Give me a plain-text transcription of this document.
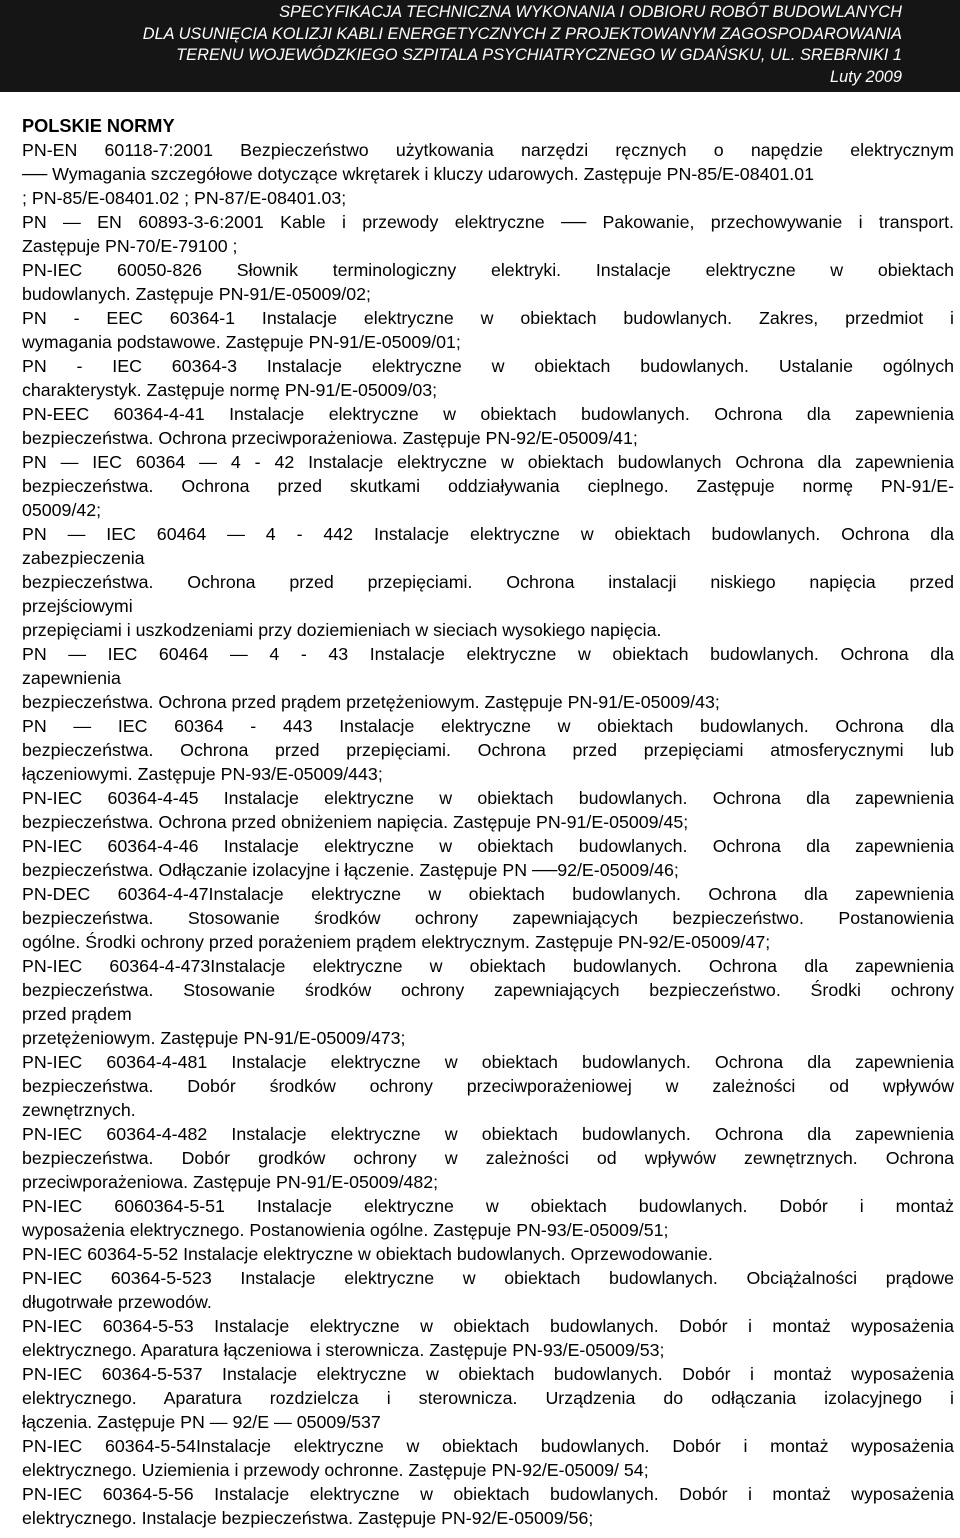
SPECYFIKACJA TECHNICZNA WYKONANIA I ODBIORU ROBÓT BUDOWLANYCH
DLA USUNIĘCIA KOLIZJI KABLI ENERGETYCZNYCH Z PROJEKTOWANYM ZAGOSPODAROWANIA
TERENU WOJEWÓDZKIEGO SZPITALA PSYCHIATRYCZNEGO W GDAŃSKU, UL. SREBRNIKI 1
Luty 2009
POLSKIE NORMY
PN-EN 60118-7:2001 Bezpieczeństwo użytkowania narzędzi ręcznych o napędzie elektrycznym
── Wymagania szczegółowe dotyczące wkrętarek i kluczy udarowych. Zastępuje PN-85/E-08401.01
; PN-85/E-08401.02 ; PN-87/E-08401.03;
PN — EN 60893-3-6:2001 Kable i przewody elektryczne ── Pakowanie, przechowywanie i transport.
Zastępuje PN-70/E-79100 ;
PN-IEC 60050-826 Słownik terminologiczny elektryki. Instalacje elektryczne w obiektach
budowlanych. Zastępuje PN-91/E-05009/02;
PN - EEC 60364-1 Instalacje elektryczne w obiektach budowlanych. Zakres, przedmiot i
wymagania podstawowe. Zastępuje PN-91/E-05009/01;
PN - IEC 60364-3 Instalacje elektryczne w obiektach budowlanych. Ustalanie ogólnych
charakterystyk. Zastępuje normę PN-91/E-05009/03;
PN-EEC 60364-4-41 Instalacje elektryczne w obiektach budowlanych. Ochrona dla zapewnienia
bezpieczeństwa. Ochrona przeciwporażeniowa. Zastępuje PN-92/E-05009/41;
PN — IEC 60364 — 4 - 42 Instalacje elektryczne w obiektach budowlanych Ochrona dla zapewnienia
bezpieczeństwa. Ochrona przed skutkami oddziaływania cieplnego. Zastępuje normę PN-91/E-
05009/42;
PN — IEC 60464 — 4 - 442 Instalacje elektryczne w obiektach budowlanych. Ochrona dla
zabezpieczenia
bezpieczeństwa. Ochrona przed przepięciami. Ochrona instalacji niskiego napięcia przed
przejściowymi
przepięciami i uszkodzeniami przy doziemieniach w sieciach wysokiego napięcia.
PN — IEC 60464 — 4 - 43 Instalacje elektryczne w obiektach budowlanych. Ochrona dla
zapewnienia
bezpieczeństwa. Ochrona przed prądem przetężeniowym. Zastępuje PN-91/E-05009/43;
PN — IEC 60364 - 443 Instalacje elektryczne w obiektach budowlanych. Ochrona dla
bezpieczeństwa. Ochrona przed przepięciami. Ochrona przed przepięciami atmosferycznymi lub
łączeniowymi. Zastępuje PN-93/E-05009/443;
PN-IEC 60364-4-45 Instalacje elektryczne w obiektach budowlanych. Ochrona dla zapewnienia
bezpieczeństwa. Ochrona przed obniżeniem napięcia. Zastępuje PN-91/E-05009/45;
PN-IEC 60364-4-46 Instalacje elektryczne w obiektach budowlanych. Ochrona dla zapewnienia
bezpieczeństwa. Odłączanie izolacyjne i łączenie. Zastępuje PN ──92/E-05009/46;
PN-DEC 60364-4-47Instalacje elektryczne w obiektach budowlanych. Ochrona dla zapewnienia
bezpieczeństwa. Stosowanie środków ochrony zapewniających bezpieczeństwo. Postanowienia
ogólne. Środki ochrony przed porażeniem prądem elektrycznym. Zastępuje PN-92/E-05009/47;
PN-IEC 60364-4-473Instalacje elektryczne w obiektach budowlanych. Ochrona dla zapewnienia
bezpieczeństwa. Stosowanie środków ochrony zapewniających bezpieczeństwo. Środki ochrony
przed prądem
przetężeniowym. Zastępuje PN-91/E-05009/473;
PN-IEC 60364-4-481 Instalacje elektryczne w obiektach budowlanych. Ochrona dla zapewnienia
bezpieczeństwa. Dobór środków ochrony przeciwporażeniowej w zależności od wpływów
zewnętrznych.
PN-IEC 60364-4-482 Instalacje elektryczne w obiektach budowlanych. Ochrona dla zapewnienia
bezpieczeństwa. Dobór grodków ochrony w zależności od wpływów zewnętrznych. Ochrona
przeciwporażeniowa. Zastępuje PN-91/E-05009/482;
PN-IEC 6060364-5-51 Instalacje elektryczne w obiektach budowlanych. Dobór i montaż
wyposażenia elektrycznego. Postanowienia ogólne. Zastępuje PN-93/E-05009/51;
PN-IEC 60364-5-52 Instalacje elektryczne w obiektach budowlanych. Oprzewodowanie.
PN-IEC 60364-5-523 Instalacje elektryczne w obiektach budowlanych. Obciążalności prądowe
długotrwałe przewodów.
PN-IEC 60364-5-53 Instalacje elektryczne w obiektach budowlanych. Dobór i montaż wyposażenia
elektrycznego. Aparatura łączeniowa i sterownicza. Zastępuje PN-93/E-05009/53;
PN-IEC 60364-5-537 Instalacje elektryczne w obiektach budowlanych. Dobór i montaż wyposażenia
elektrycznego. Aparatura rozdzielcza i sterownicza. Urządzenia do odłączania izolacyjnego i
łączenia. Zastępuje PN — 92/E — 05009/537
PN-IEC 60364-5-54Instalacje elektryczne w obiektach budowlanych. Dobór i montaż wyposażenia
elektrycznego. Uziemienia i przewody ochronne. Zastępuje PN-92/E-05009/ 54;
PN-IEC 60364-5-56 Instalacje elektryczne w obiektach budowlanych. Dobór i montaż wyposażenia
elektrycznego. Instalacje bezpieczeństwa. Zastępuje PN-92/E-05009/56;
